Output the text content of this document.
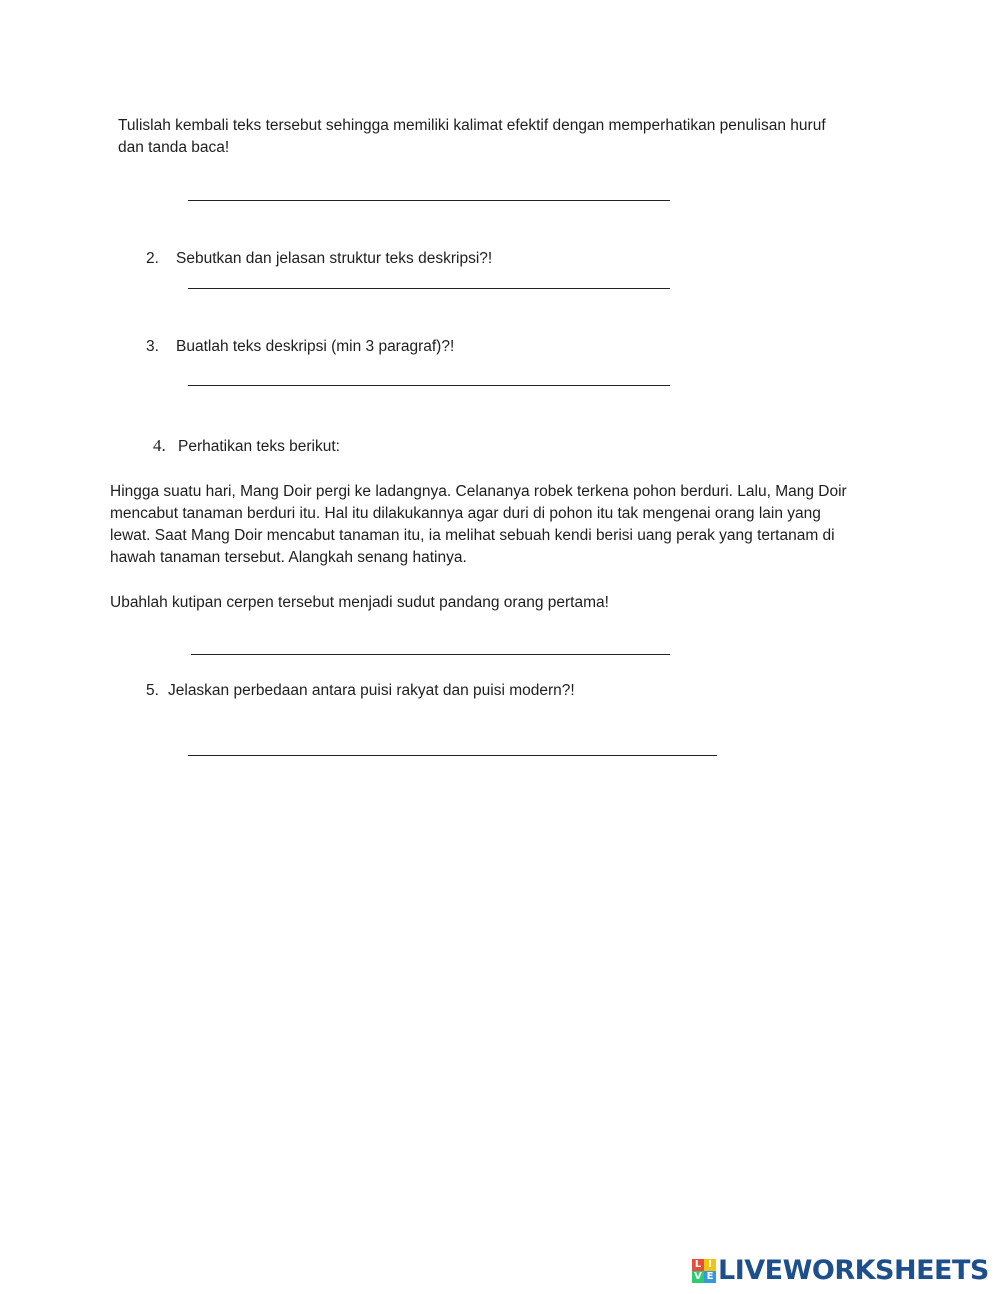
Tulislah kembali teks tersebut sehingga memiliki kalimat efektif dengan memperhatikan penulisan huruf
dan tanda baca!
2. Sebutkan dan jelasan struktur teks deskripsi?!
3. Buatlah teks deskripsi (min 3 paragraf)?!
4. Perhatikan teks berikut:
Hingga suatu hari, Mang Doir pergi ke ladangnya. Celananya robek terkena pohon berduri. Lalu, Mang Doir
mencabut tanaman berduri itu. Hal itu dilakukannya agar duri di pohon itu tak mengenai orang lain yang
lewat. Saat Mang Doir mencabut tanaman itu, ia melihat sebuah kendi berisi uang perak yang tertanam di
hawah tanaman tersebut. Alangkah senang hatinya.
Ubahlah kutipan cerpen tersebut menjadi sudut pandang orang pertama!
5. Jelaskan perbedaan antara puisi rakyat dan puisi modern?!
L I
V E LIVEWORKSHEETS
